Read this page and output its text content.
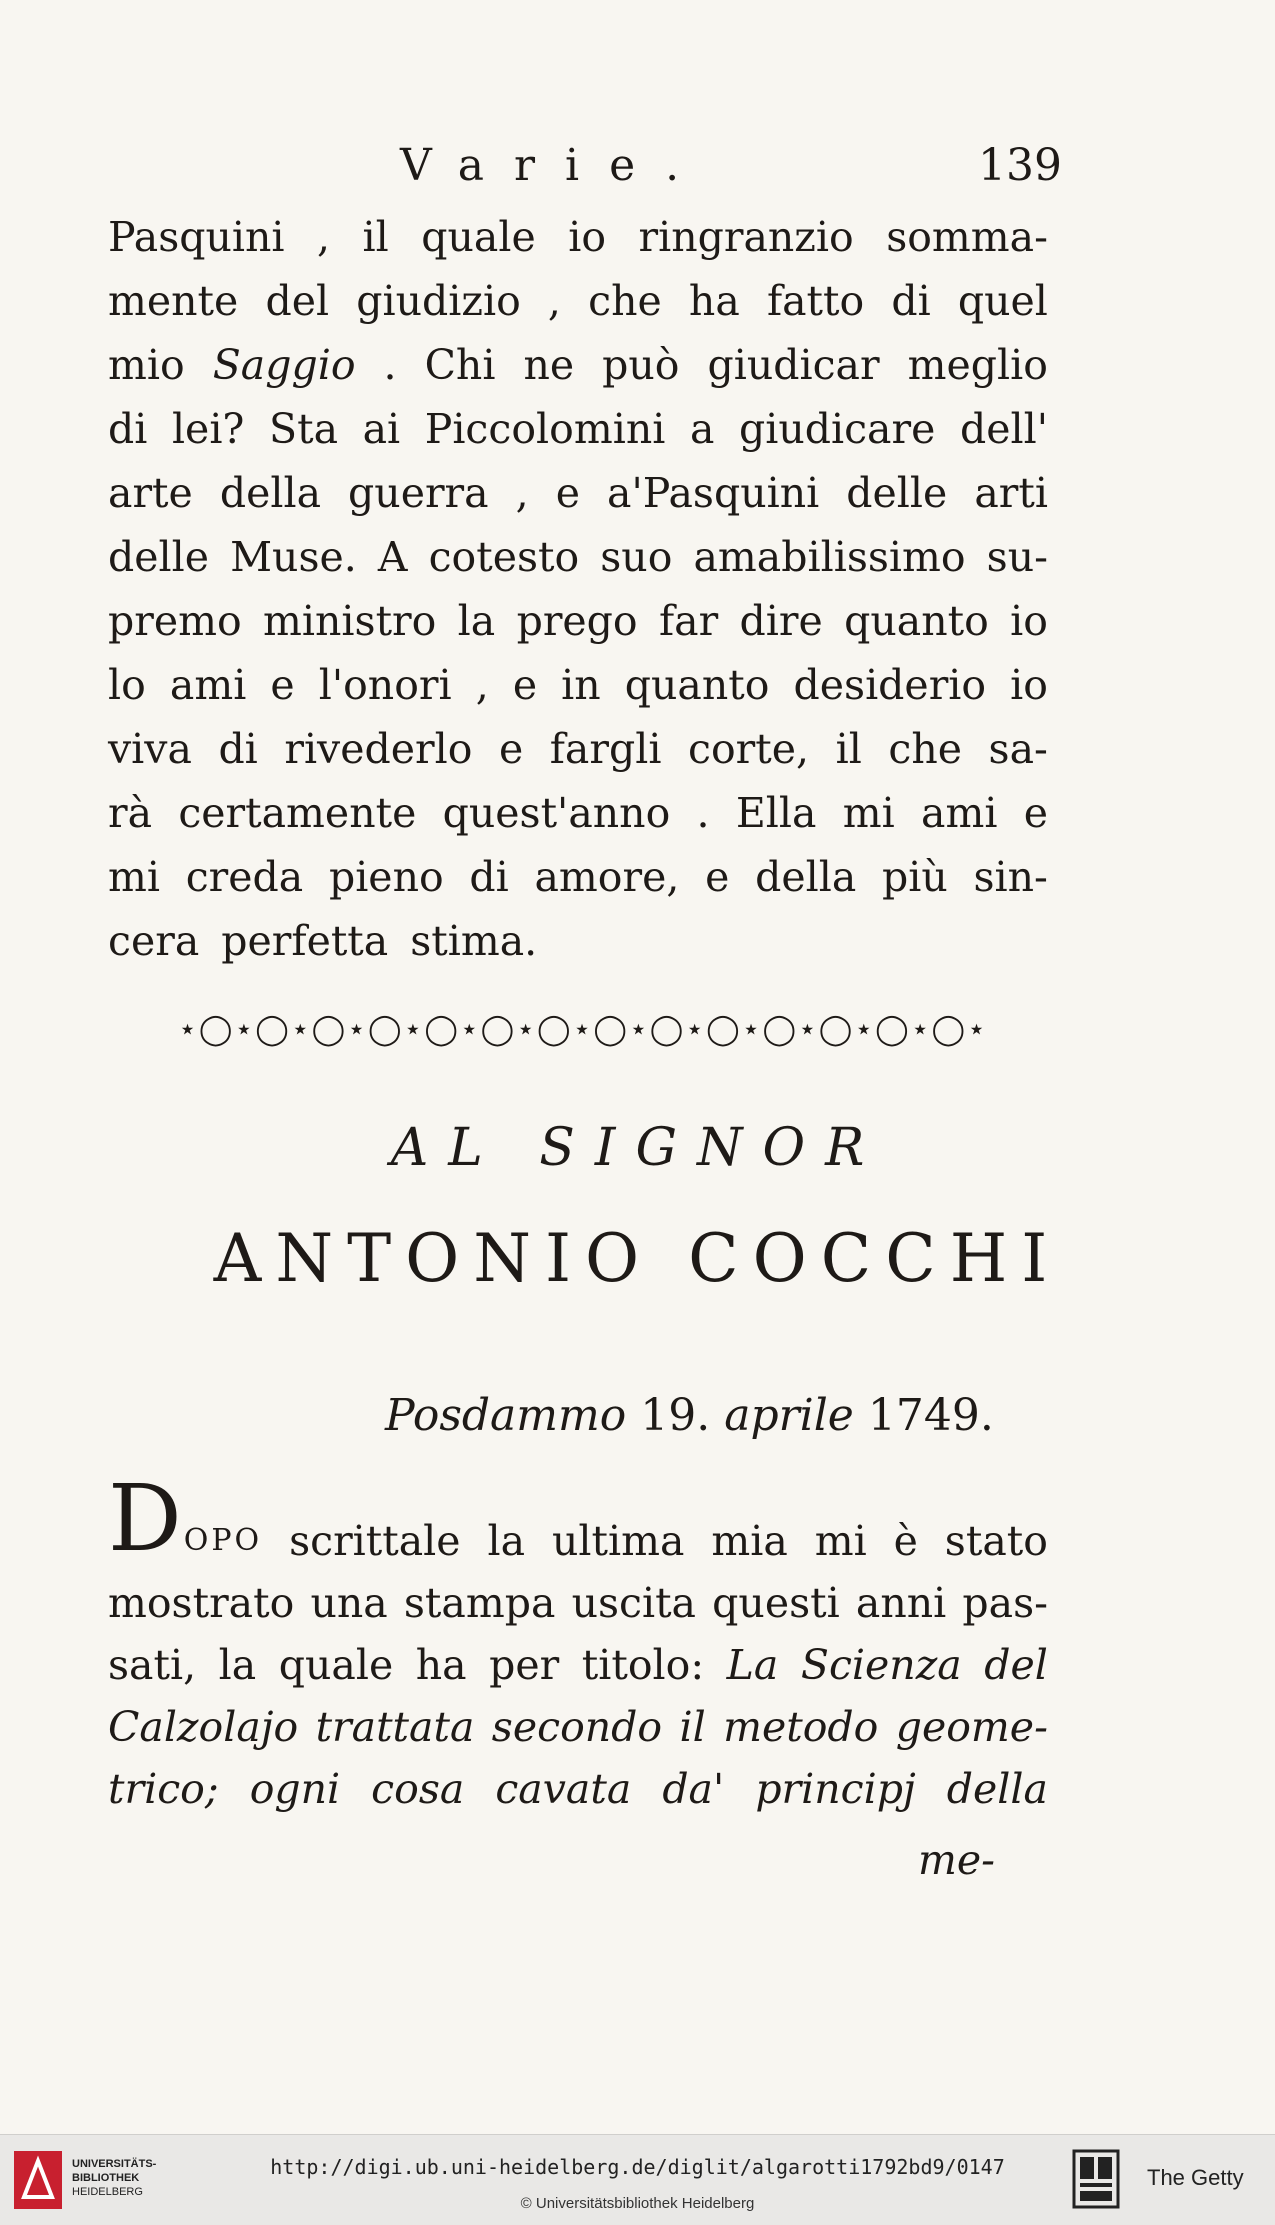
Varie.	139
Pasquini , il quale io ringranzio somma-
mente del giudizio , che ha fatto di quel
mio Saggio . Chi ne può giudicar meglio
di lei? Sta ai Piccolomini a giudicare dell'
arte della guerra , e a'Pasquini delle arti
delle Muse. A cotesto suo amabilissimo su-
premo ministro la prego far dire quanto io
lo ami e l'onori , e in quanto desiderio io
viva di rivederlo e fargli corte, il che sa-
rà certamente quest'anno . Ella mi ami e
mi creda pieno di amore, e della più sin-
cera perfetta stima.
⋆◯⋆◯⋆◯⋆◯⋆◯⋆◯⋆◯⋆◯⋆◯⋆◯⋆◯⋆◯⋆◯⋆◯⋆
AL SIGNOR
ANTONIO COCCHI
Posdammo 19. aprile 1749.
DOPO scrittale la ultima mia mi è stato
mostrato una stampa uscita questi anni pas-
sati, la quale ha per titolo: La Scienza del
Calzolajo trattata secondo il metodo geome-
trico; ogni cosa cavata da' principj della
me-
UNIVERSITÄTS-
BIBLIOTHEK
HEIDELBERG
http://digi.ub.uni-heidelberg.de/diglit/algarotti1792bd9/0147
© Universitätsbibliothek Heidelberg
The Getty
